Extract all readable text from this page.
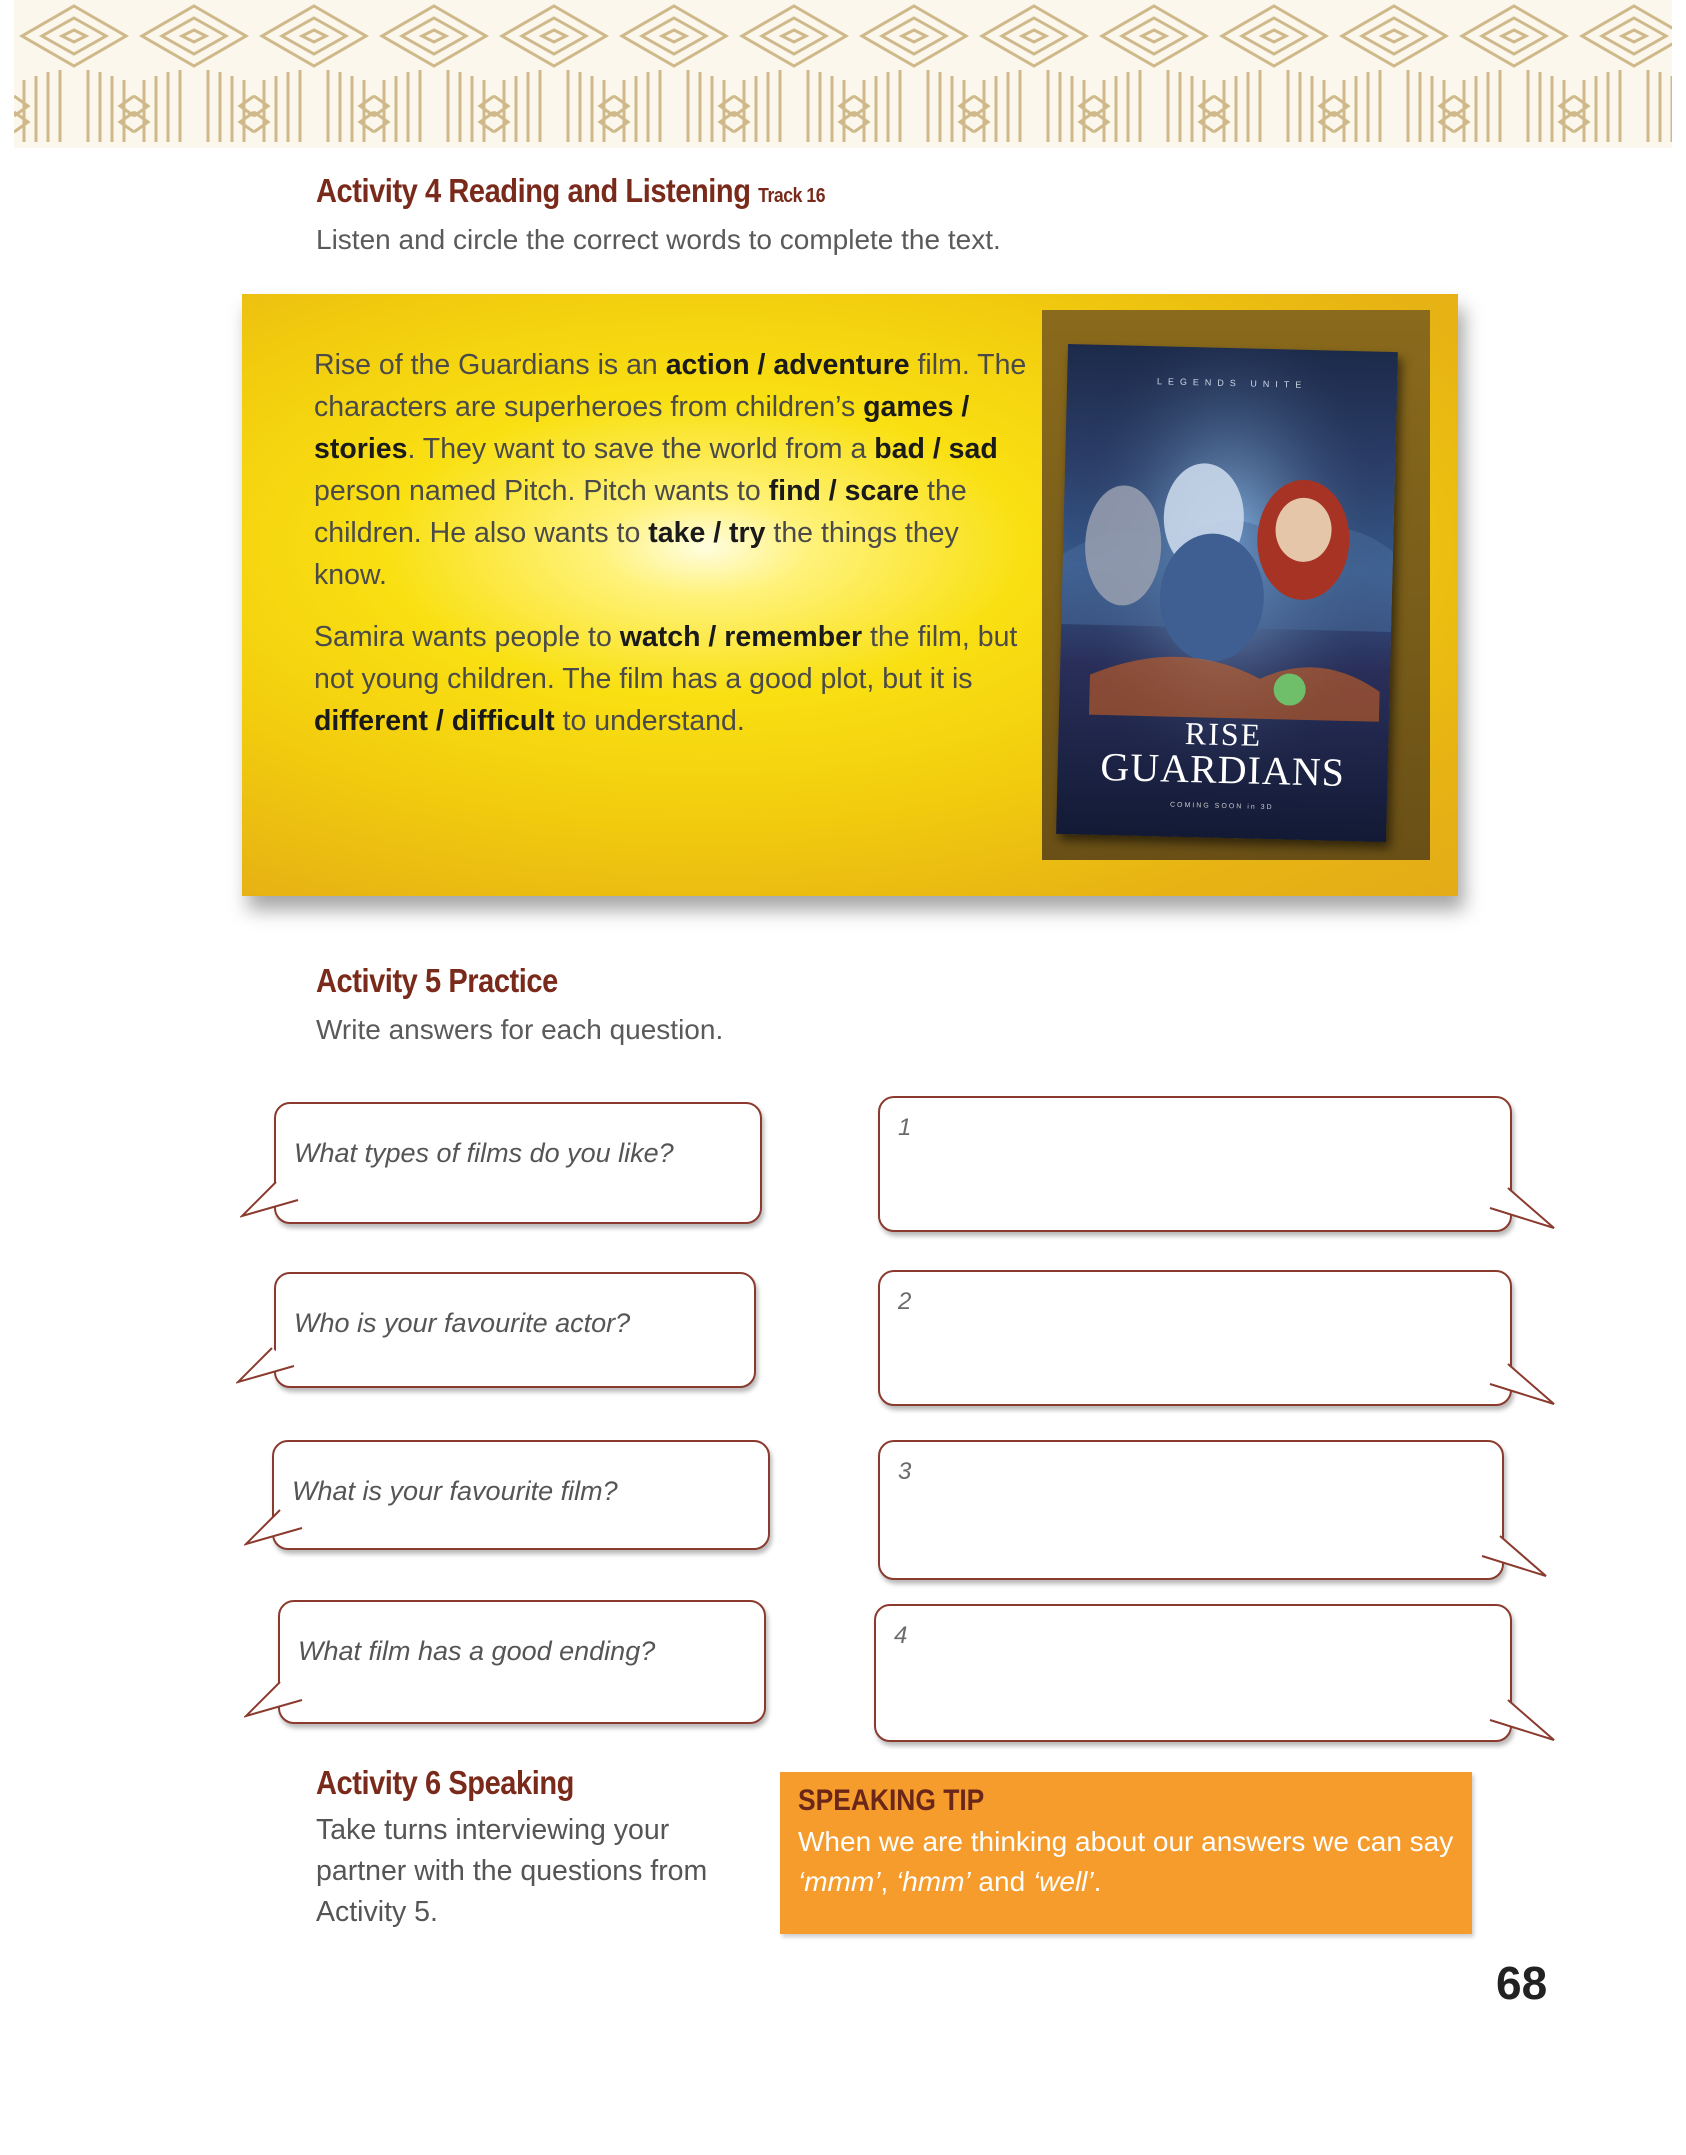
Activity 4 Reading and Listening Track 16

Listen and circle the correct words to complete the text.

Rise of the Guardians is an action / adventure film. The characters are superheroes from children’s games / stories. They want to save the world from a bad / sad person named Pitch. Pitch wants to find / scare the children. He also wants to take / try the things they know.

Samira wants people to watch / remember the film, but not young children. The film has a good plot, but it is different / difficult to understand.

LEGENDS UNITE
RISE
GUARDIANS
COMING SOON in 3D
Activity 5 Practice

Write answers for each question.

What types of films do you like?
Who is your favourite actor?
What is your favourite film?
What film has a good ending?
1
2
3
4
Activity 6 Speaking
Take turns interviewing your partner with the questions from Activity 5.
SPEAKING TIP
When we are thinking about our answers we can say ‘mmm’, ‘hmm’ and ‘well’.
68
